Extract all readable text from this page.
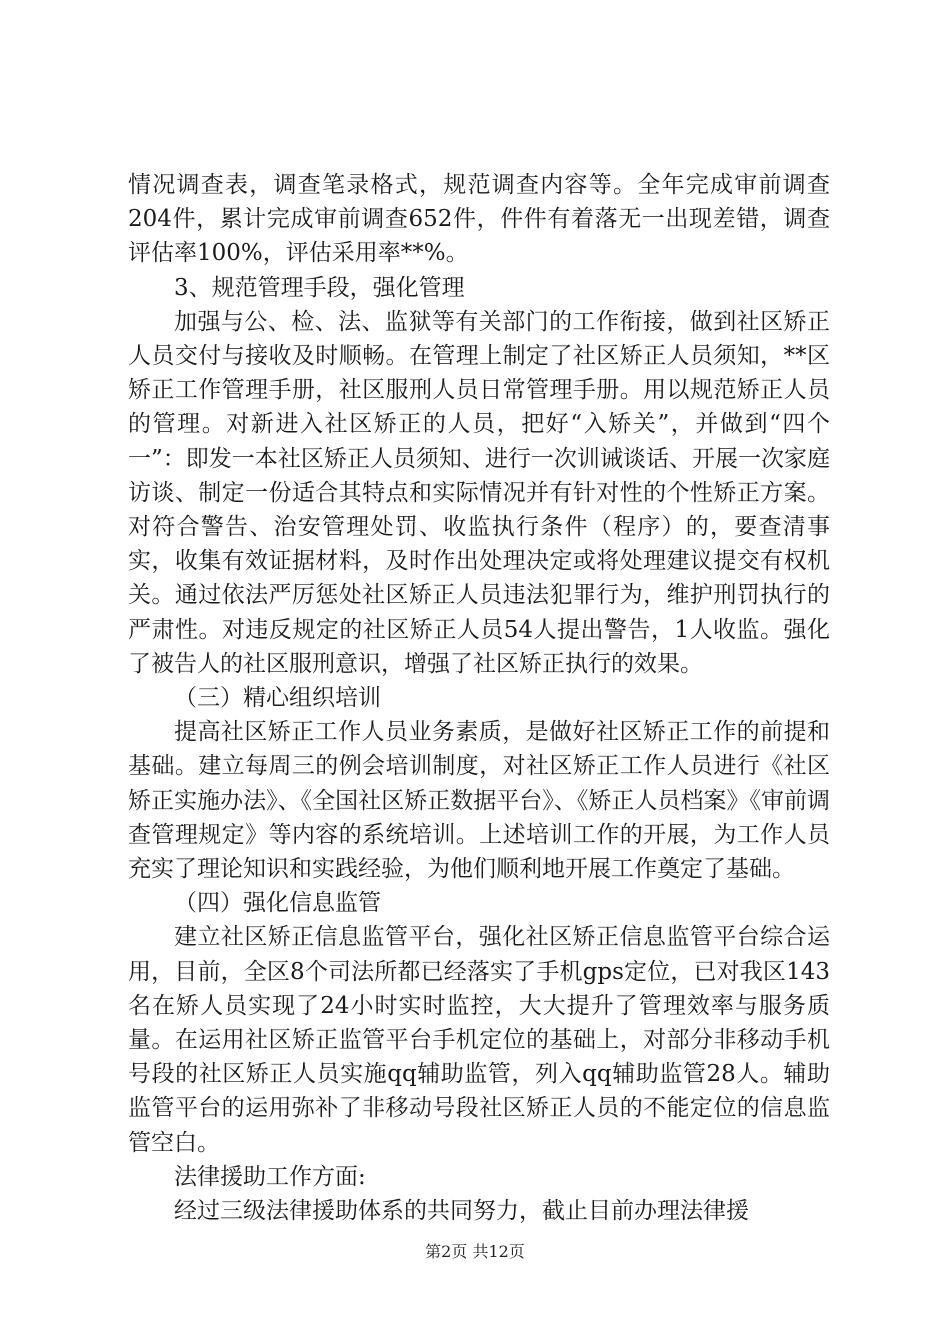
情况调查表，调查笔录格式，规范调查内容等。全年完成审前调查204件，累计完成审前调查652件，件件有着落无一出现差错，调查评估率100%，评估采用率**%。

3、规范管理手段，强化管理

加强与公、检、法、监狱等有关部门的工作衔接，做到社区矫正人员交付与接收及时顺畅。在管理上制定了社区矫正人员须知，**区矫正工作管理手册，社区服刑人员日常管理手册。用以规范矫正人员的管理。对新进入社区矫正的人员，把好“入矫关”，并做到“四个一”：即发一本社区矫正人员须知、进行一次训诫谈话、开展一次家庭访谈、制定一份适合其特点和实际情况并有针对性的个性矫正方案。对符合警告、治安管理处罚、收监执行条件（程序）的，要查清事实，收集有效证据材料，及时作出处理决定或将处理建议提交有权机关。通过依法严厉惩处社区矫正人员违法犯罪行为，维护刑罚执行的严肃性。对违反规定的社区矫正人员54人提出警告，1人收监。强化了被告人的社区服刑意识，增强了社区矫正执行的效果。

（三）精心组织培训

提高社区矫正工作人员业务素质，是做好社区矫正工作的前提和基础。建立每周三的例会培训制度，对社区矫正工作人员进行《社区矫正实施办法》、《全国社区矫正数据平台》、《矫正人员档案》《审前调查管理规定》等内容的系统培训。上述培训工作的开展，为工作人员充实了理论知识和实践经验，为他们顺利地开展工作奠定了基础。

（四）强化信息监管

建立社区矫正信息监管平台，强化社区矫正信息监管平台综合运用，目前，全区8个司法所都已经落实了手机gps定位，已对我区143名在矫人员实现了24小时实时监控，大大提升了管理效率与服务质量。在运用社区矫正监管平台手机定位的基础上，对部分非移动手机号段的社区矫正人员实施qq辅助监管，列入qq辅助监管28人。辅助监管平台的运用弥补了非移动号段社区矫正人员的不能定位的信息监管空白。

法律援助工作方面:

经过三级法律援助体系的共同努力，截止目前办理法律援

第2页 共12页
